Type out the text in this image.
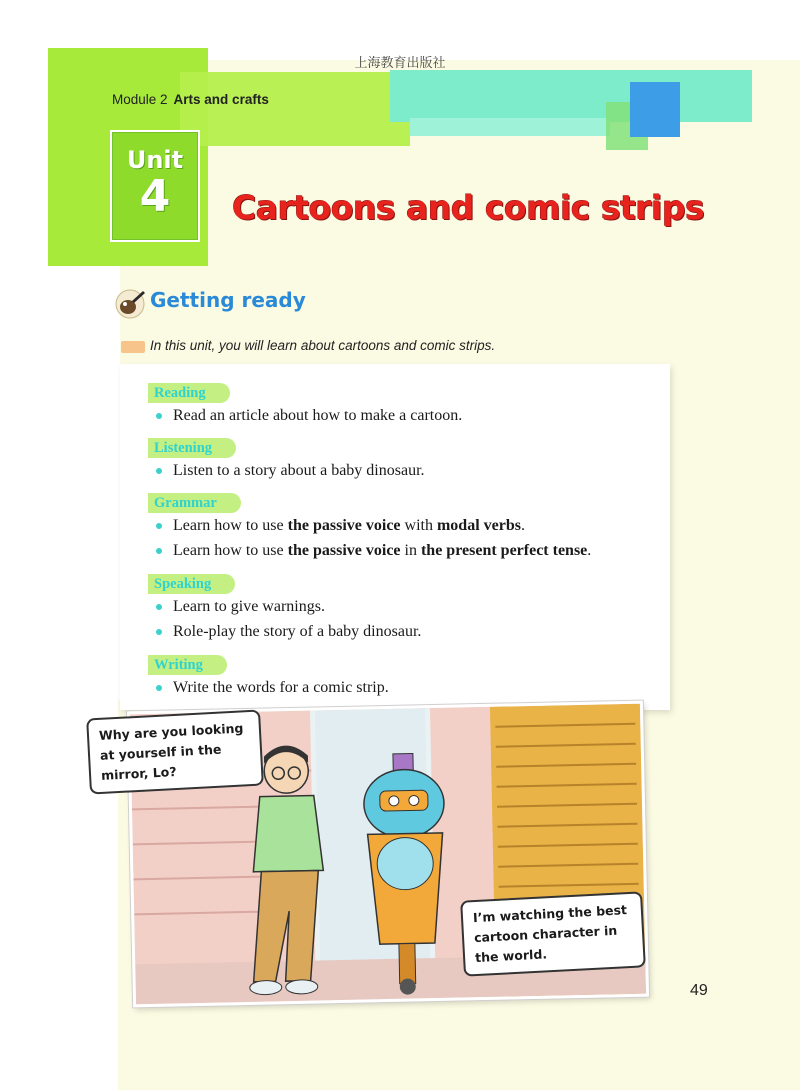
上海教育出版社
Module 2 Arts and crafts
Unit
4	Cartoons and comic strips
Getting ready
In this unit, you will learn about cartoons and comic strips.
Reading
Read an article about how to make a cartoon.
Listening
Listen to a story about a baby dinosaur.
Grammar
Learn how to use the passive voice with modal verbs.
Learn how to use the passive voice in the present perfect tense.
Speaking
Learn to give warnings.
Role-play the story of a baby dinosaur.
Writing
Write the words for a comic strip.
Why are you looking
at yourself in the
mirror, Lo?
I’m watching the best
cartoon character in
the world.
49
